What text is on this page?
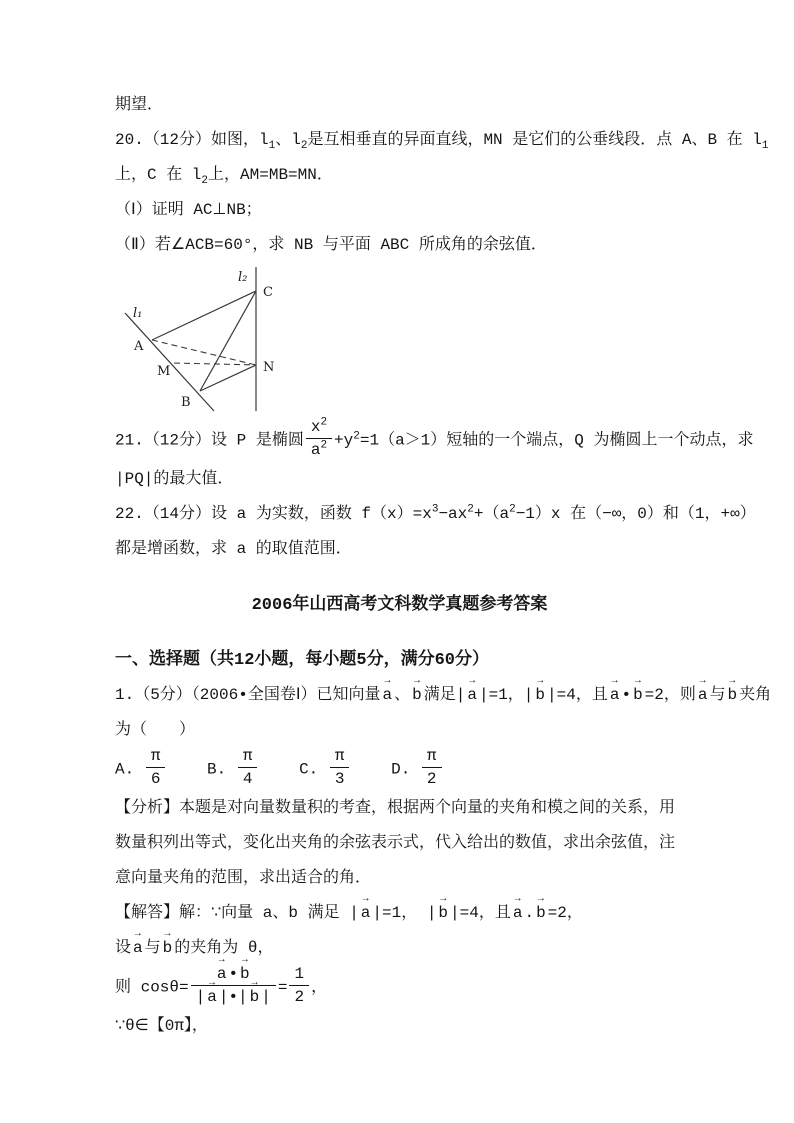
期望．

20.（12分）如图，$l_1$、$l_2$是互相垂直的异面直线，MN 是它们的公垂线段．点 A、B 在 $l_1$

上，C 在 $l_2$上，AM=MB=MN．

（Ⅰ）证明 AC⊥NB；

（Ⅱ）若∠ACB=60°，求 NB 与平面 ABC 所成角的余弦值．

l₁
l₂
C
A
M
B
N

21.（12分）设 P 是椭圆 $\frac{x^2}{a^2} +y^2=1(a>1)$短轴的一个端点，Q 为椭圆上一个动点，求

|PQ|的最大值．

22.（14分）设 a 为实数，函数 $f(x)=x^3-ax^2+(a^2-1)x$ 在（−∞，0）和（1，+∞）

都是增函数，求 a 的取值范围．

2006年山西高考文科数学真题参考答案
一、选择题（共12小题，每小题5分，满分60分）

1.（5分）（2006•全国卷Ⅰ）已知向量 → a 、 → b 满足| → a |=1，| → b |=4，且 → a • → b =2，则 → a 与 → b 夹角

为（　　）

A. $\frac{\pi}{6}$	B. $\frac{\pi}{4}$	C. $\frac{\pi}{3}$	D. $\frac{\pi}{2}$

【分析】本题是对向量数量积的考查，根据两个向量的夹角和模之间的关系，用数量积列出等式，变化出夹角的余弦表示式，代入给出的数值，求出余弦值，注意向量夹角的范围，求出适合的角．

【解答】解：∵向量 a、b 满足 | → a |=1， | → b |=4，且 → a . → b =2，

设 → a 与 → b 的夹角为 θ，

则 $\cos\theta= \to \frac{a • \to b}{| \to a |•| \to b |} = \frac{1}{2}$ ，

∵θ∈【0π】，
